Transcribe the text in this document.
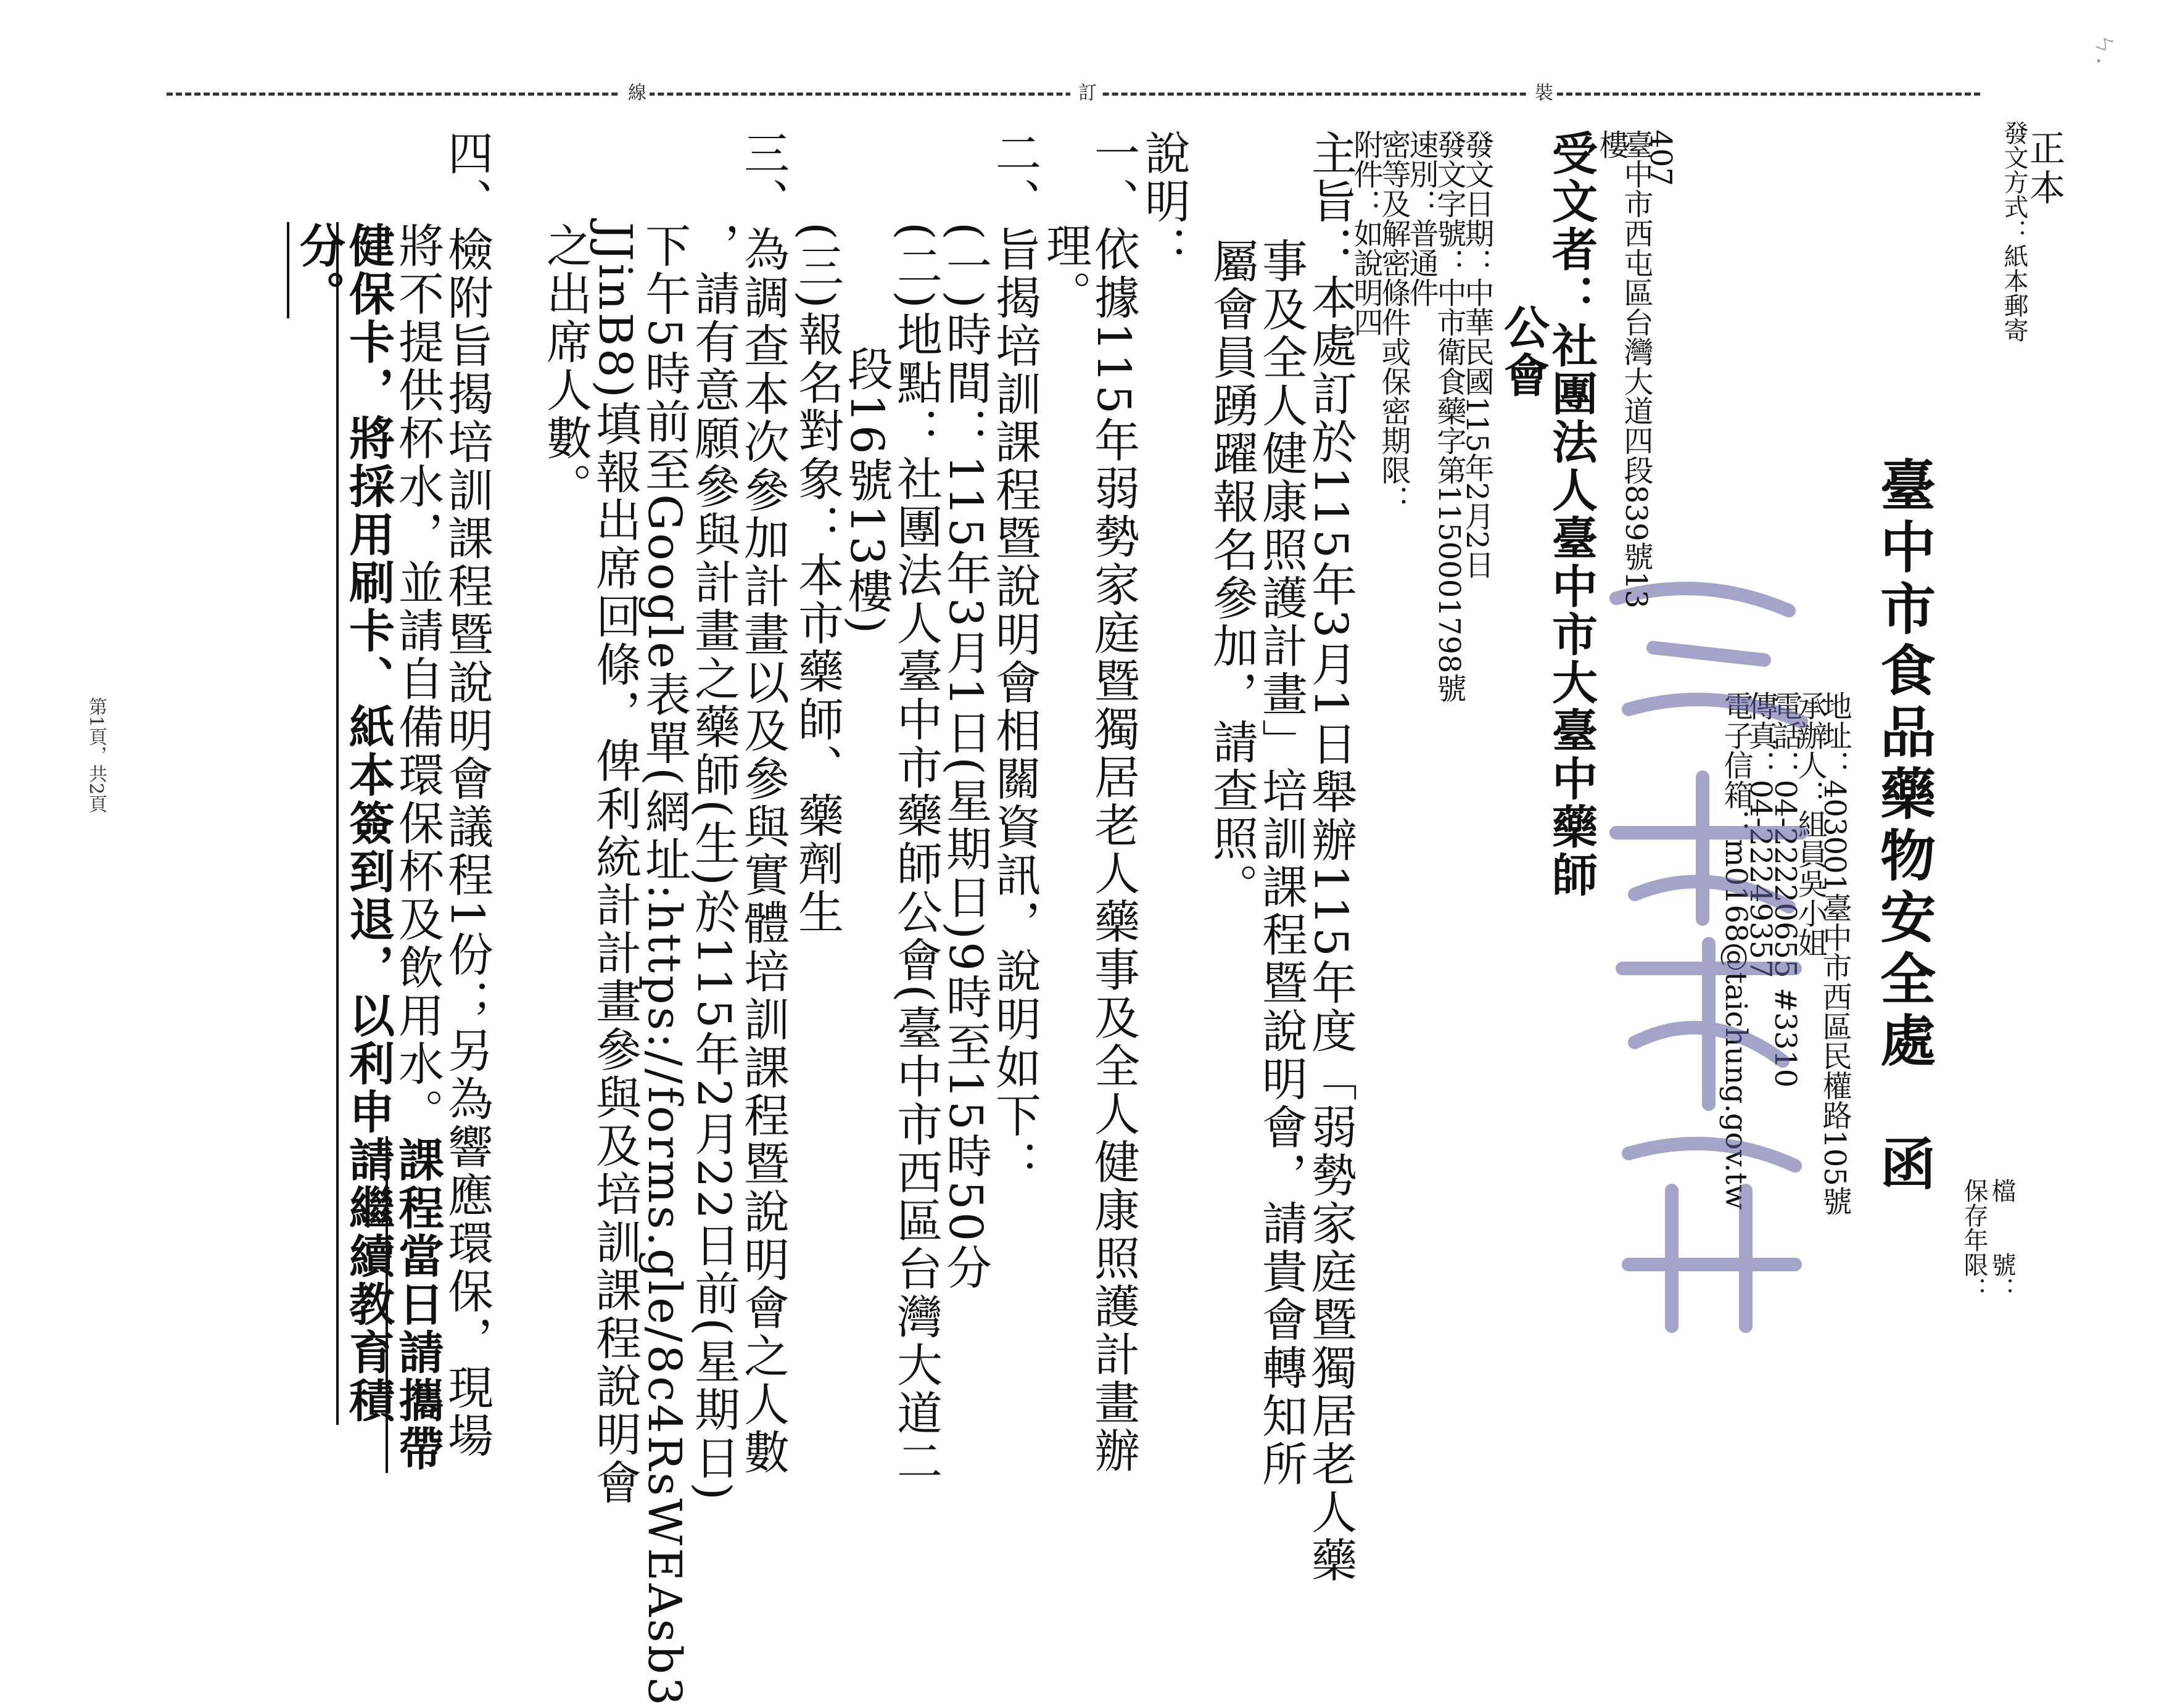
ㄣ.
裝
訂
線
正本
發文方式：紙本郵寄
檔　　號：
保存年限：
臺中市食品藥物安全處　函
地址：403001臺中市西區民權路105號
承辦人：組員吳小姐
電話：04-22220655 #3310
傳真：04-22249357
電子信箱：m0168@taichung.gov.tw
407
臺中市西屯區台灣大道四段839號13
樓
受文者：社團法人臺中市大臺中藥師
公會
發文日期：中華民國115年2月2日
發文字號：中市衛食藥字第1150001798號
速別：普通件
密等及解密條件或保密期限：
附件：如說明四
主旨：本處訂於115年3月1日舉辦115年度「弱勢家庭暨獨居老人藥
事及全人健康照護計畫」培訓課程暨說明會，請貴會轉知所
屬會員踴躍報名參加，請查照。
說明：
一、依據115年弱勢家庭暨獨居老人藥事及全人健康照護計畫辦
理。
二、旨揭培訓課程暨說明會相關資訊，說明如下：
(一)時間：115年3月1日(星期日)9時至15時50分
(二)地點：社團法人臺中市藥師公會(臺中市西區台灣大道二
段16號13樓)
(三)報名對象：本市藥師、藥劑生
三、為調查本次參加計畫以及參與實體培訓課程暨說明會之人數
，請有意願參與計畫之藥師(生)於115年2月22日前(星期日)
下午5時前至Google表單(網址:https://forms.gle/8c4RsWEAsb3
JJinB8)填報出席回條，俾利統計計畫參與及培訓課程說明會
之出席人數。
四、檢附旨揭培訓課程暨說明會議程1份；另為響應環保，現場
將不提供杯水，並請自備環保杯及飲用水。課程當日請攜帶
健保卡，將採用刷卡、紙本簽到退，以利申請繼續教育積
分。
第1頁，共2頁
